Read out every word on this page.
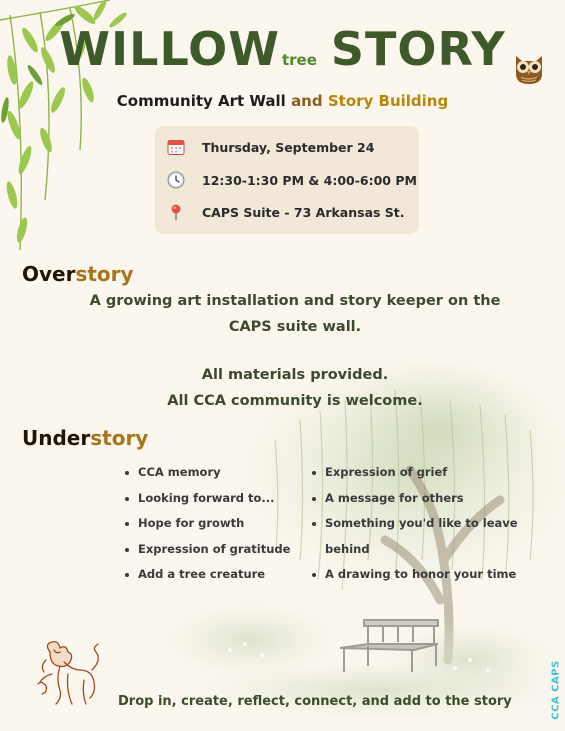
WILLOW tree STORY
Community Art Wall and Story Building
Thursday, September 24
12:30-1:30 PM & 4:00-6:00 PM
CAPS Suite - 73 Arkansas St.
Overstory
A growing art installation and story keeper on the
CAPS suite wall.
All materials provided.
All CCA community is welcome.
Understory
CCA memory
Looking forward to...
Hope for growth
Expression of gratitude
Add a tree creature
Expression of grief
A message for others
Something you'd like to leave
behind
A drawing to honor your time
Drop in, create, reflect, connect, and add to the story	CCA CAPS
